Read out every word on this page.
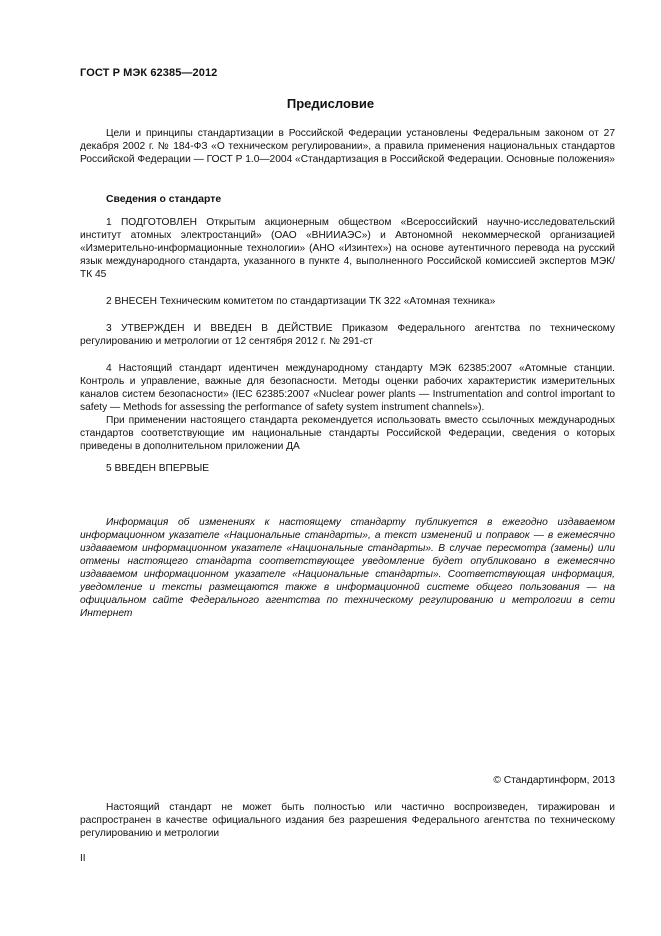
ГОСТ Р МЭК 62385—2012
Предисловие

Цели и принципы стандартизации в Российской Федерации установлены Федеральным законом от 27 декабря 2002 г. № 184-ФЗ «О техническом регулировании», а правила применения национальных стандартов Российской Федерации — ГОСТ Р 1.0—2004 «Стандартизация в Российской Федерации. Основные положения»

Сведения о стандарте

1 ПОДГОТОВЛЕН Открытым акционерным обществом «Всероссийский научно-исследовательский институт атомных электростанций» (ОАО «ВНИИАЭС») и Автономной некоммерческой организацией «Измерительно-информационные технологии» (АНО «Изинтех») на основе аутентичного перевода на русский язык международного стандарта, указанного в пункте 4, выполненного Российской комиссией экспертов МЭК/ТК 45

2 ВНЕСЕН Техническим комитетом по стандартизации ТК 322 «Атомная техника»

3 УТВЕРЖДЕН И ВВЕДЕН В ДЕЙСТВИЕ Приказом Федерального агентства по техническому регулированию и метрологии от 12 сентября 2012 г. № 291-ст

4 Настоящий стандарт идентичен международному стандарту МЭК 62385:2007 «Атомные станции. Контроль и управление, важные для безопасности. Методы оценки рабочих характеристик измерительных каналов систем безопасности» (IEC 62385:2007 «Nuclear power plants — Instrumentation and control important to safety — Methods for assessing the performance of safety system instrument channels»).

При применении настоящего стандарта рекомендуется использовать вместо ссылочных международных стандартов соответствующие им национальные стандарты Российской Федерации, сведения о которых приведены в дополнительном приложении ДА

5 ВВЕДЕН ВПЕРВЫЕ

Информация об изменениях к настоящему стандарту публикуется в ежегодно издаваемом информационном указателе «Национальные стандарты», а текст изменений и поправок — в ежемесячно издаваемом информационном указателе «Национальные стандарты». В случае пересмотра (замены) или отмены настоящего стандарта соответствующее уведомление будет опубликовано в ежемесячно издаваемом информационном указателе «Национальные стандарты». Соответствующая информация, уведомление и тексты размещаются также в информационной системе общего пользования — на официальном сайте Федерального агентства по техническому регулированию и метрологии в сети Интернет

© Стандартинформ, 2013

Настоящий стандарт не может быть полностью или частично воспроизведен, тиражирован и распространен в качестве официального издания без разрешения Федерального агентства по техническому регулированию и метрологии

II
